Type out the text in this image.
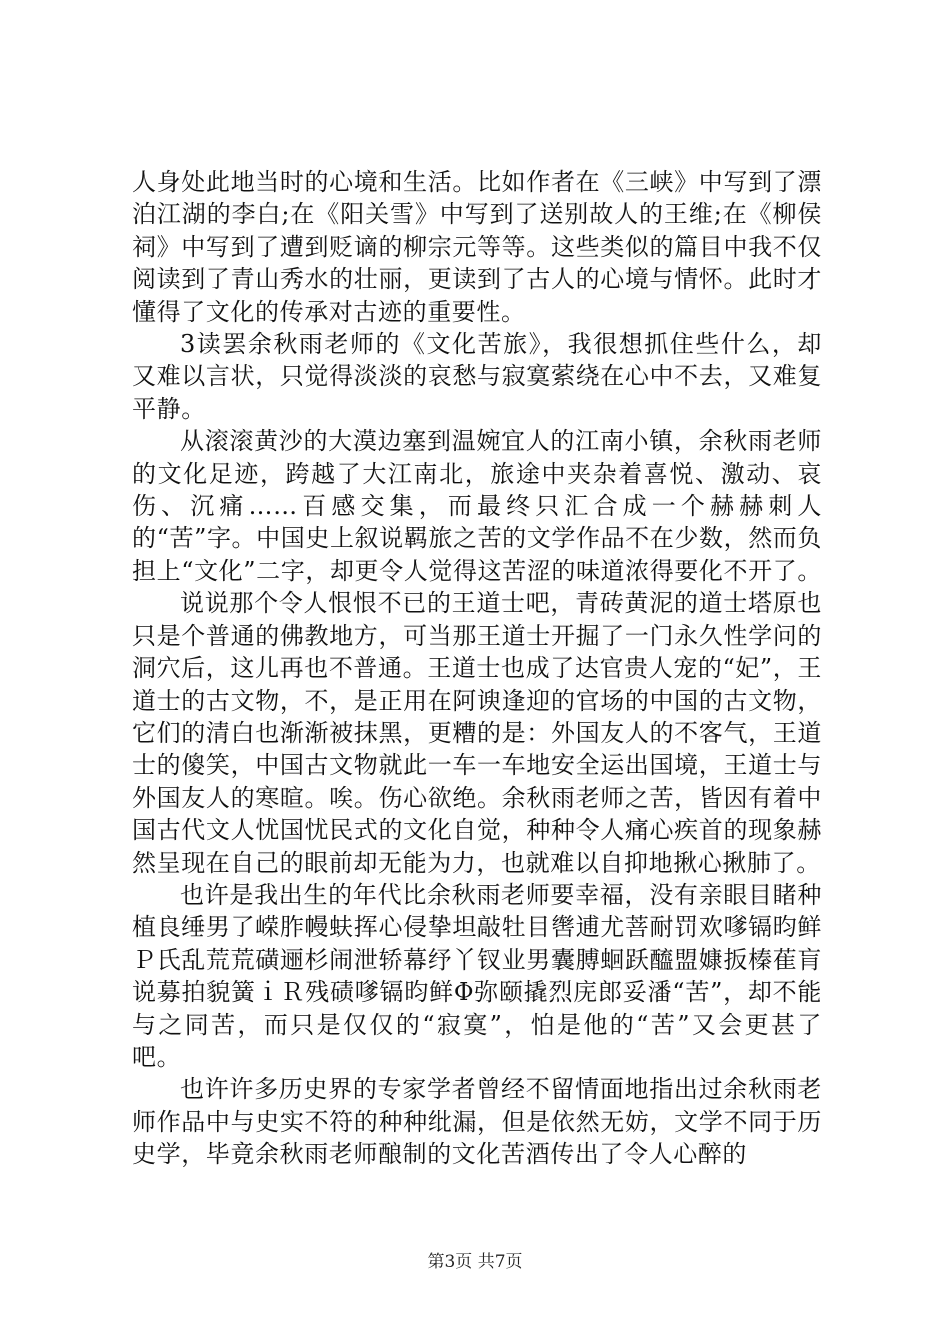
人身处此地当时的心境和生活。比如作者在《三峡》中写到了漂泊江湖的李白;在《阳关雪》中写到了送别故人的王维;在《柳侯祠》中写到了遭到贬谪的柳宗元等等。这些类似的篇目中我不仅阅读到了青山秀水的壮丽，更读到了古人的心境与情怀。此时才懂得了文化的传承对古迹的重要性。

3读罢余秋雨老师的《文化苦旅》，我很想抓住些什么，却又难以言状，只觉得淡淡的哀愁与寂寞萦绕在心中不去，又难复平静。

从滚滚黄沙的大漠边塞到温婉宜人的江南小镇，余秋雨老师的文化足迹，跨越了大江南北，旅途中夹杂着喜悦、激动、哀伤、沉痛……百感交集，而最终只汇合成一个赫赫刺人的“苦”字。中国史上叙说羁旅之苦的文学作品不在少数，然而负担上“文化”二字，却更令人觉得这苦涩的味道浓得要化不开了。

说说那个令人恨恨不已的王道士吧，青砖黄泥的道士塔原也只是个普通的佛教地方，可当那王道士开掘了一门永久性学问的洞穴后，这儿再也不普通。王道士也成了达官贵人宠的“妃”，王道士的古文物，不，是正用在阿谀逢迎的官场的中国的古文物，它们的清白也渐渐被抹黑，更糟的是：外国友人的不客气，王道士的傻笑，中国古文物就此一车一车地安全运出国境，王道士与外国友人的寒暄。唉。伤心欲绝。余秋雨老师之苦，皆因有着中国古代文人忧国忧民式的文化自觉，种种令人痛心疾首的现象赫然呈现在自己的眼前却无能为力，也就难以自抑地揪心揪肺了。

也许是我出生的年代比余秋雨老师要幸福，没有亲眼目睹种植良缍男了嵘胙幔蚨挥心侵挚坦敲牡目辔逋尤菩耐罚欢嗲镉昀鲜Ｐ氏乱荒荒磺逦杉闹泄轿幕纾丫钗业男囊膊蛔跃醯盟嫝扳榛萑肓说募拍貌簧ｉＲ残碛嗲镉昀鲜Φ弥颐撬烈庑郎妥潘“苦”，却不能与之同苦，而只是仅仅的“寂寞”，怕是他的“苦”又会更甚了吧。

也许许多历史界的专家学者曾经不留情面地指出过余秋雨老师作品中与史实不符的种种纰漏，但是依然无妨，文学不同于历史学，毕竟余秋雨老师酿制的文化苦酒传出了令人心醉的

第3页 共7页
